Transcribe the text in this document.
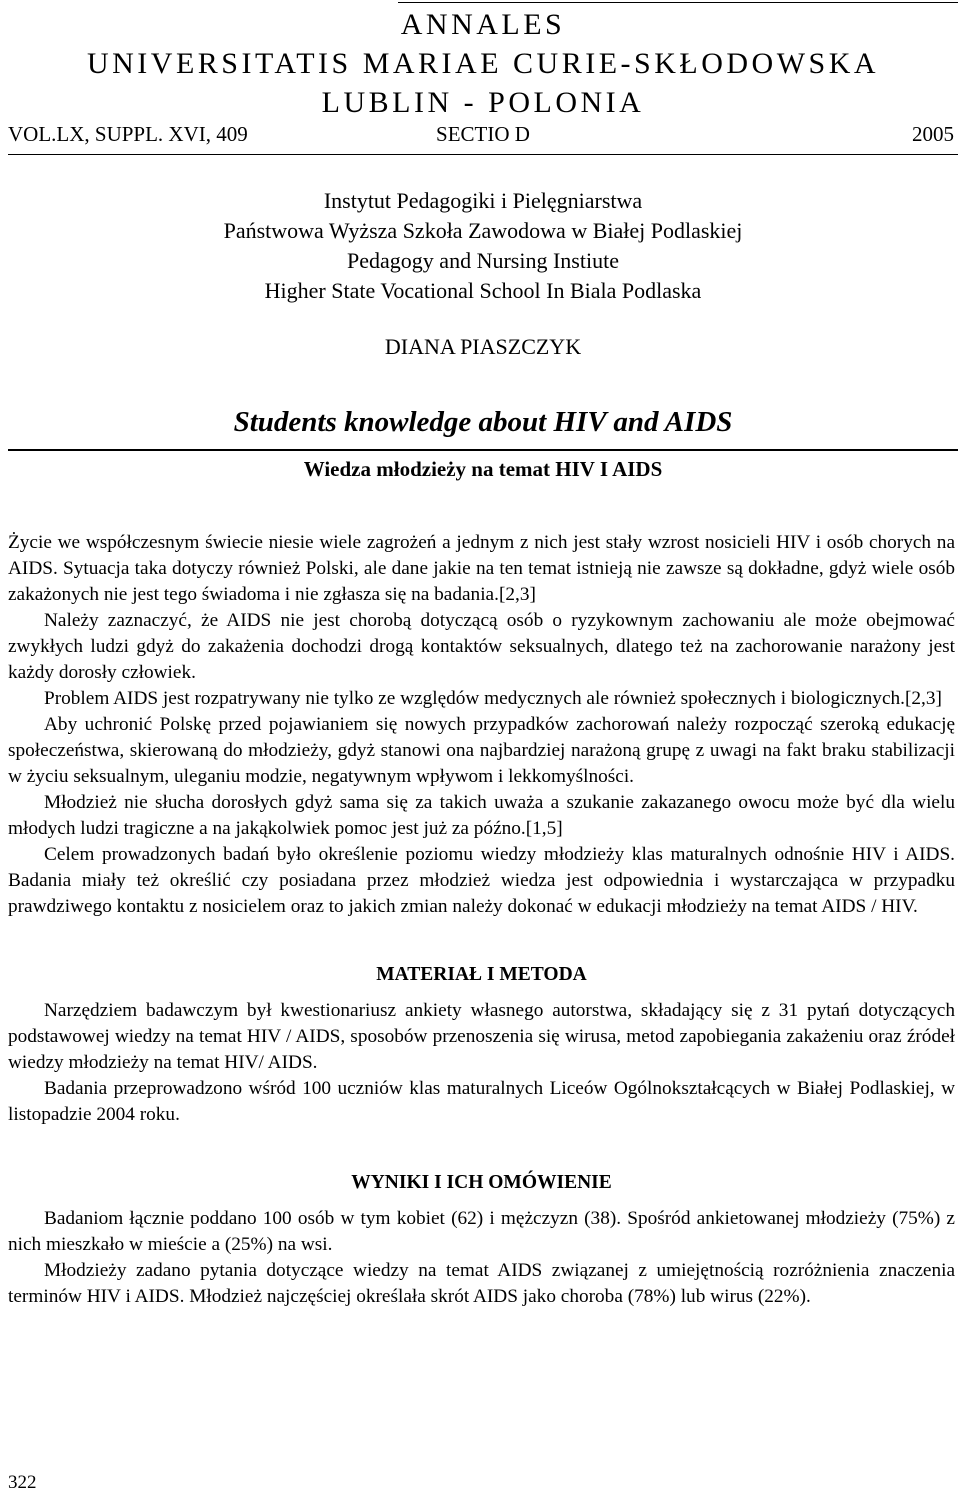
ANNALES
UNIVERSITATIS MARIAE CURIE-SKŁODOWSKA
LUBLIN - POLONIA
SECTIO D
VOL.LX, SUPPL. XVI, 409	2005
Instytut Pedagogiki i Pielęgniarstwa
Państwowa Wyższa Szkoła Zawodowa w Białej Podlaskiej
Pedagogy and Nursing Instiute
Higher State Vocational School In Biala Podlaska
DIANA PIASZCZYK
Students knowledge about HIV and AIDS
Wiedza młodzieży na temat HIV I AIDS

Życie we współczesnym świecie niesie wiele zagrożeń a jednym z nich jest stały wzrost nosicieli HIV i osób chorych na AIDS. Sytuacja taka dotyczy również Polski, ale dane jakie na ten temat istnieją nie zawsze są dokładne, gdyż wiele osób zakażonych nie jest tego świadoma i nie zgłasza się na badania.[2,3]

Należy zaznaczyć, że AIDS nie jest chorobą dotyczącą osób o ryzykownym zachowaniu ale może obejmować zwykłych ludzi gdyż do zakażenia dochodzi drogą kontaktów seksualnych, dlatego też na zachorowanie narażony jest każdy dorosły człowiek.

Problem AIDS jest rozpatrywany nie tylko ze względów medycznych ale również społecznych i biologicznych.[2,3]

Aby uchronić Polskę przed pojawianiem się nowych przypadków zachorowań należy rozpocząć szeroką edukację społeczeństwa, skierowaną do młodzieży, gdyż stanowi ona najbardziej narażoną grupę z uwagi na fakt braku stabilizacji w życiu seksualnym, uleganiu modzie, negatywnym wpływom i lekkomyślności.

Młodzież nie słucha dorosłych gdyż sama się za takich uważa a szukanie zakazanego owocu może być dla wielu młodych ludzi tragiczne a na jakąkolwiek pomoc jest już za późno.[1,5]

Celem prowadzonych badań było określenie poziomu wiedzy młodzieży klas maturalnych odnośnie HIV i AIDS. Badania miały też określić czy posiadana przez młodzież wiedza jest odpowiednia i wystarczająca w przypadku prawdziwego kontaktu z nosicielem oraz to jakich zmian należy dokonać w edukacji młodzieży na temat AIDS / HIV.

MATERIAŁ I METODA

Narzędziem badawczym był kwestionariusz ankiety własnego autorstwa, składający się z 31 pytań dotyczących podstawowej wiedzy na temat HIV / AIDS, sposobów przenoszenia się wirusa, metod zapobiegania zakażeniu oraz źródeł wiedzy młodzieży na temat HIV/ AIDS.

Badania przeprowadzono wśród 100 uczniów klas maturalnych Liceów Ogólnokształcących w Białej Podlaskiej, w listopadzie 2004 roku.

WYNIKI I ICH OMÓWIENIE

Badaniom łącznie poddano 100 osób w tym kobiet (62) i mężczyzn (38). Spośród ankietowanej młodzieży (75%) z nich mieszkało w mieście a (25%) na wsi.

Młodzieży zadano pytania dotyczące wiedzy na temat AIDS związanej z umiejętnością rozróżnienia znaczenia terminów HIV i AIDS. Młodzież najczęściej określała skrót AIDS jako choroba (78%) lub wirus (22%).

322
